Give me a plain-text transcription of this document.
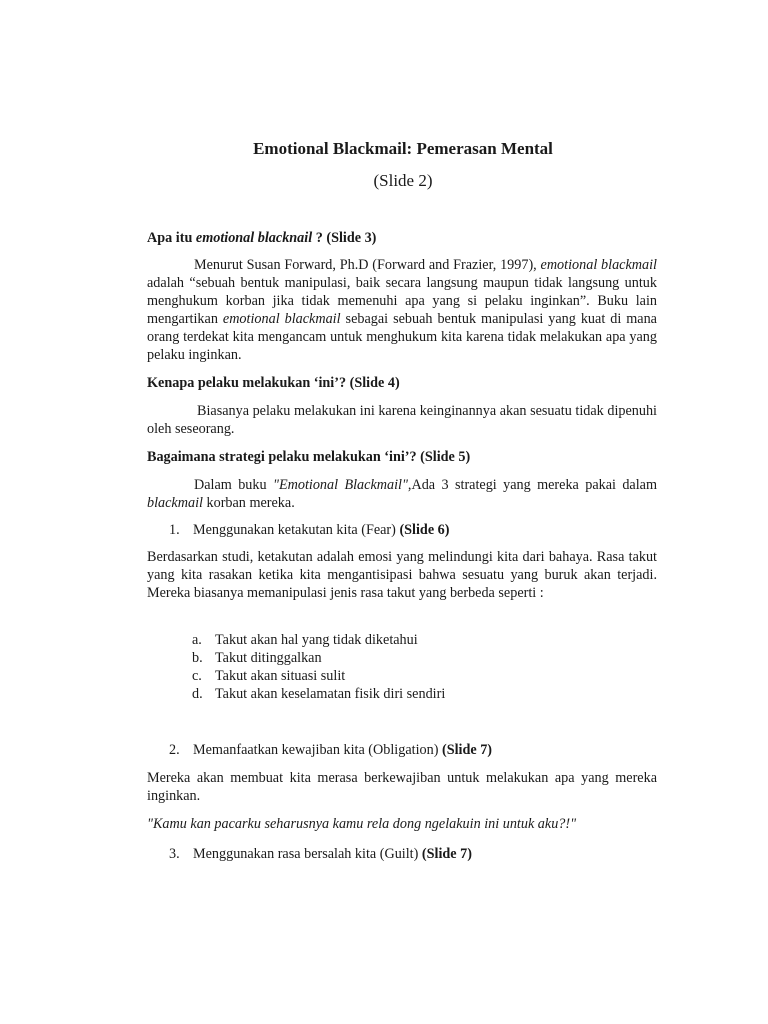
Emotional Blackmail: Pemerasan Mental
(Slide 2)
Apa itu emotional blacknail ? (Slide 3)
Menurut Susan Forward, Ph.D (Forward and Frazier, 1997), emotional blackmail adalah “sebuah bentuk manipulasi, baik secara langsung maupun tidak langsung untuk menghukum korban jika tidak memenuhi apa yang si pelaku inginkan”. Buku lain mengartikan emotional blackmail sebagai sebuah bentuk manipulasi yang kuat di mana orang terdekat kita mengancam untuk menghukum kita karena tidak melakukan apa yang pelaku inginkan.
Kenapa pelaku melakukan ‘ini’? (Slide 4)
Biasanya pelaku melakukan ini karena keinginannya akan sesuatu tidak dipenuhi oleh seseorang.
Bagaimana strategi pelaku melakukan ‘ini’? (Slide 5)
Dalam buku "Emotional Blackmail",Ada 3 strategi yang mereka pakai dalam blackmail korban mereka.
1. Menggunakan ketakutan kita (Fear) (Slide 6)
Berdasarkan studi, ketakutan adalah emosi yang melindungi kita dari bahaya. Rasa takut yang kita rasakan ketika kita mengantisipasi bahwa sesuatu yang buruk akan terjadi. Mereka biasanya memanipulasi jenis rasa takut yang berbeda seperti :
a. Takut akan hal yang tidak diketahui
b. Takut ditinggalkan
c. Takut akan situasi sulit
d. Takut akan keselamatan fisik diri sendiri
2. Memanfaatkan kewajiban kita (Obligation) (Slide 7)
Mereka akan membuat kita merasa berkewajiban untuk melakukan apa yang mereka inginkan.
"Kamu kan pacarku seharusnya kamu rela dong ngelakuin ini untuk aku?!"
3. Menggunakan rasa bersalah kita (Guilt) (Slide 7)
